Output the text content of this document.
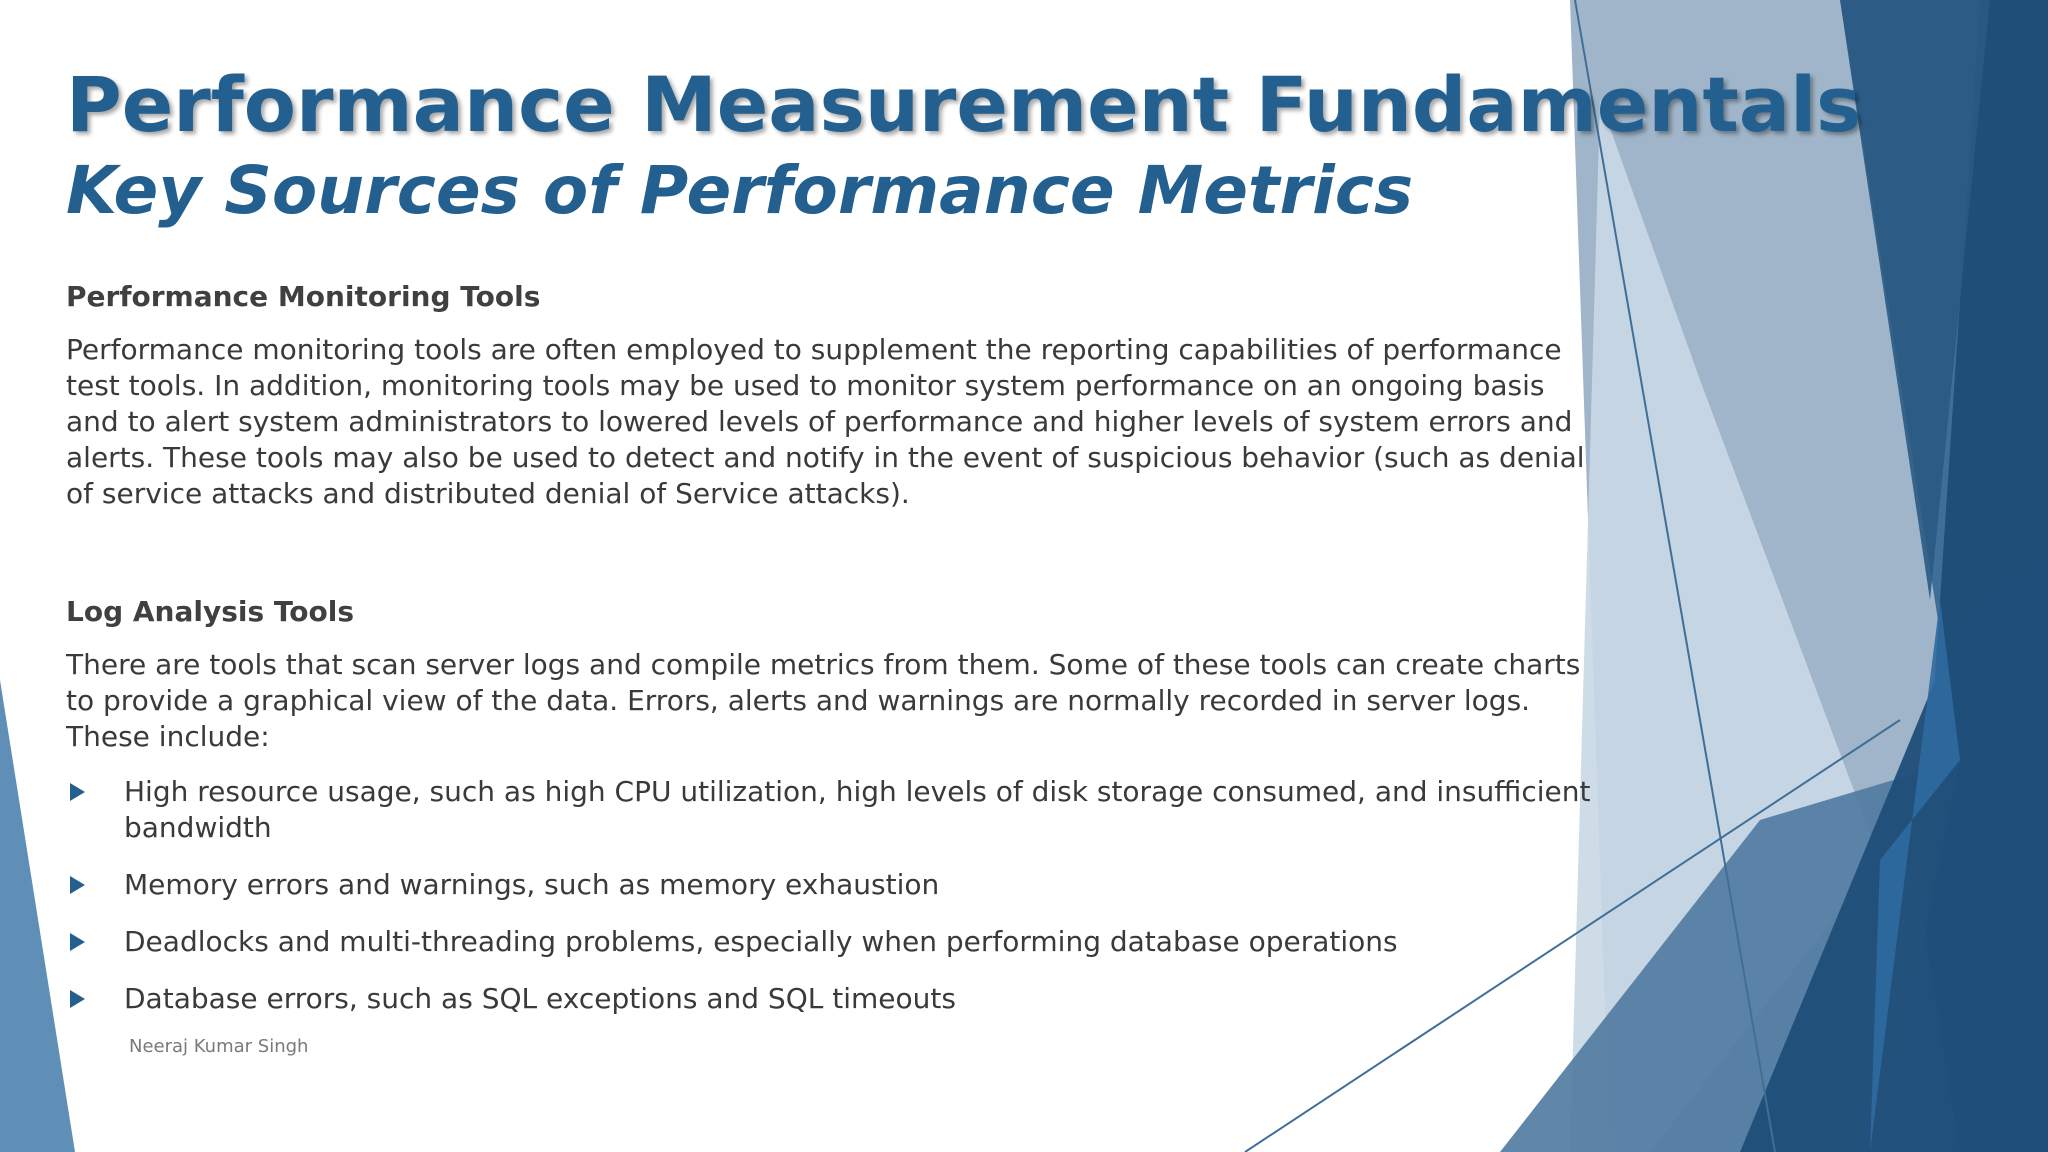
Performance Measurement Fundamentals
Key Sources of Performance Metrics

Performance Monitoring Tools

Performance monitoring tools are often employed to supplement the reporting capabilities of performance test tools. In addition, monitoring tools may be used to monitor system performance on an ongoing basis and to alert system administrators to lowered levels of performance and higher levels of system errors and alerts. These tools may also be used to detect and notify in the event of suspicious behavior (such as denial of service attacks and distributed denial of Service attacks).

Log Analysis Tools

There are tools that scan server logs and compile metrics from them. Some of these tools can create charts to provide a graphical view of the data. Errors, alerts and warnings are normally recorded in server logs. These include:

High resource usage, such as high CPU utilization, high levels of disk storage consumed, and insufficient bandwidth
Memory errors and warnings, such as memory exhaustion
Deadlocks and multi-threading problems, especially when performing database operations
Database errors, such as SQL exceptions and SQL timeouts
Neeraj Kumar Singh
